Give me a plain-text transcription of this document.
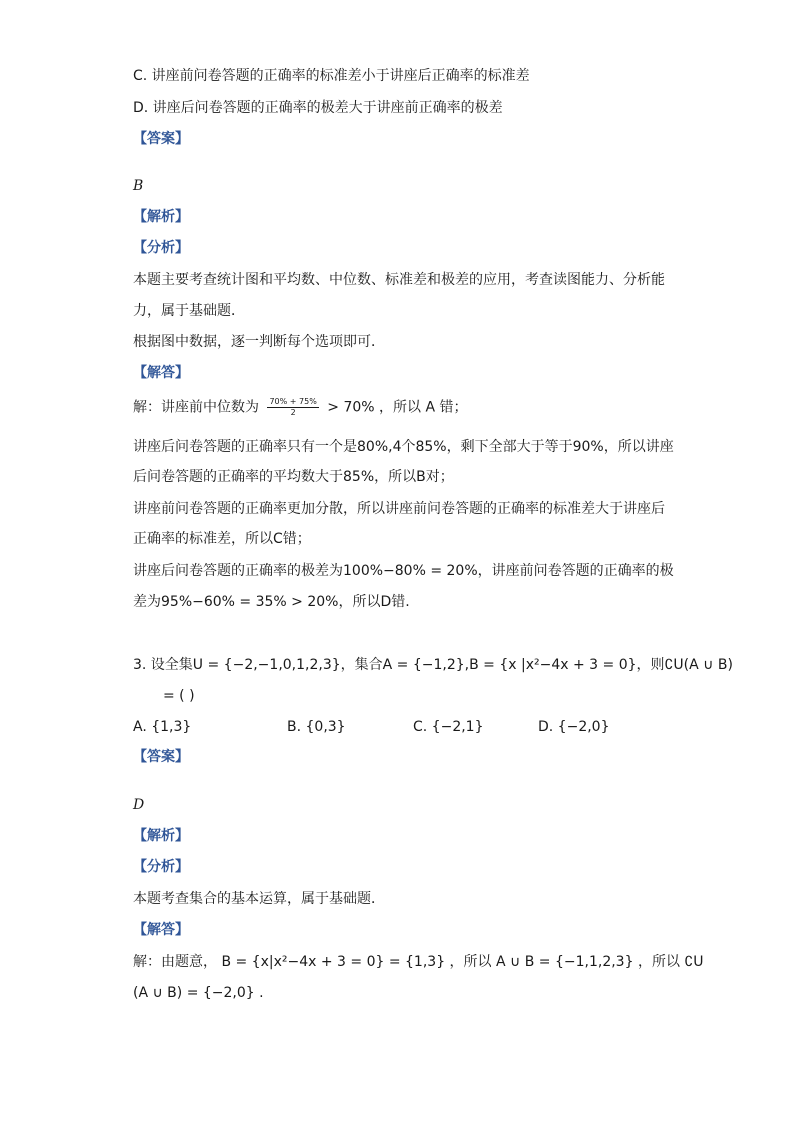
C. 讲座前问卷答题的正确率的标准差小于讲座后正确率的标准差
D. 讲座后问卷答题的正确率的极差大于讲座前正确率的极差
【答案】
B
【解析】
【分析】
本题主要考查统计图和平均数、中位数、标准差和极差的应用，考查读图能力、分析能
力，属于基础题．
根据图中数据，逐一判断每个选项即可．
【解答】
解：讲座前中位数为 $\frac{70\% + 75\%}{2} > 70\%$ ，所以 A 错；
讲座后问卷答题的正确率只有一个是80%,4个85%，剩下全部大于等于90%，所以讲座
后问卷答题的正确率的平均数大于85%，所以B对；
讲座前问卷答题的正确率更加分散，所以讲座前问卷答题的正确率的标准差大于讲座后
正确率的标准差，所以C错；
讲座后问卷答题的正确率的极差为100%−80% = 20%，讲座前问卷答题的正确率的极
差为95%−60% = 35% > 20%，所以D错.
3. 设全集U = {−2,−1,0,1,2,3}，集合A = {−1,2},B = {x |x²−4x + 3 = 0}，则∁U(A ∪ B)
= ( )
A. {1,3}	B. {0,3}	C. {−2,1}	D. {−2,0}
【答案】
D
【解析】
【分析】
本题考查集合的基本运算，属于基础题．
【解答】
解：由题意， B = {x|x²−4x + 3 = 0} = {1,3} ，所以 A ∪ B = {−1,1,2,3} ，所以 ∁U
(A ∪ B) = {−2,0} .
